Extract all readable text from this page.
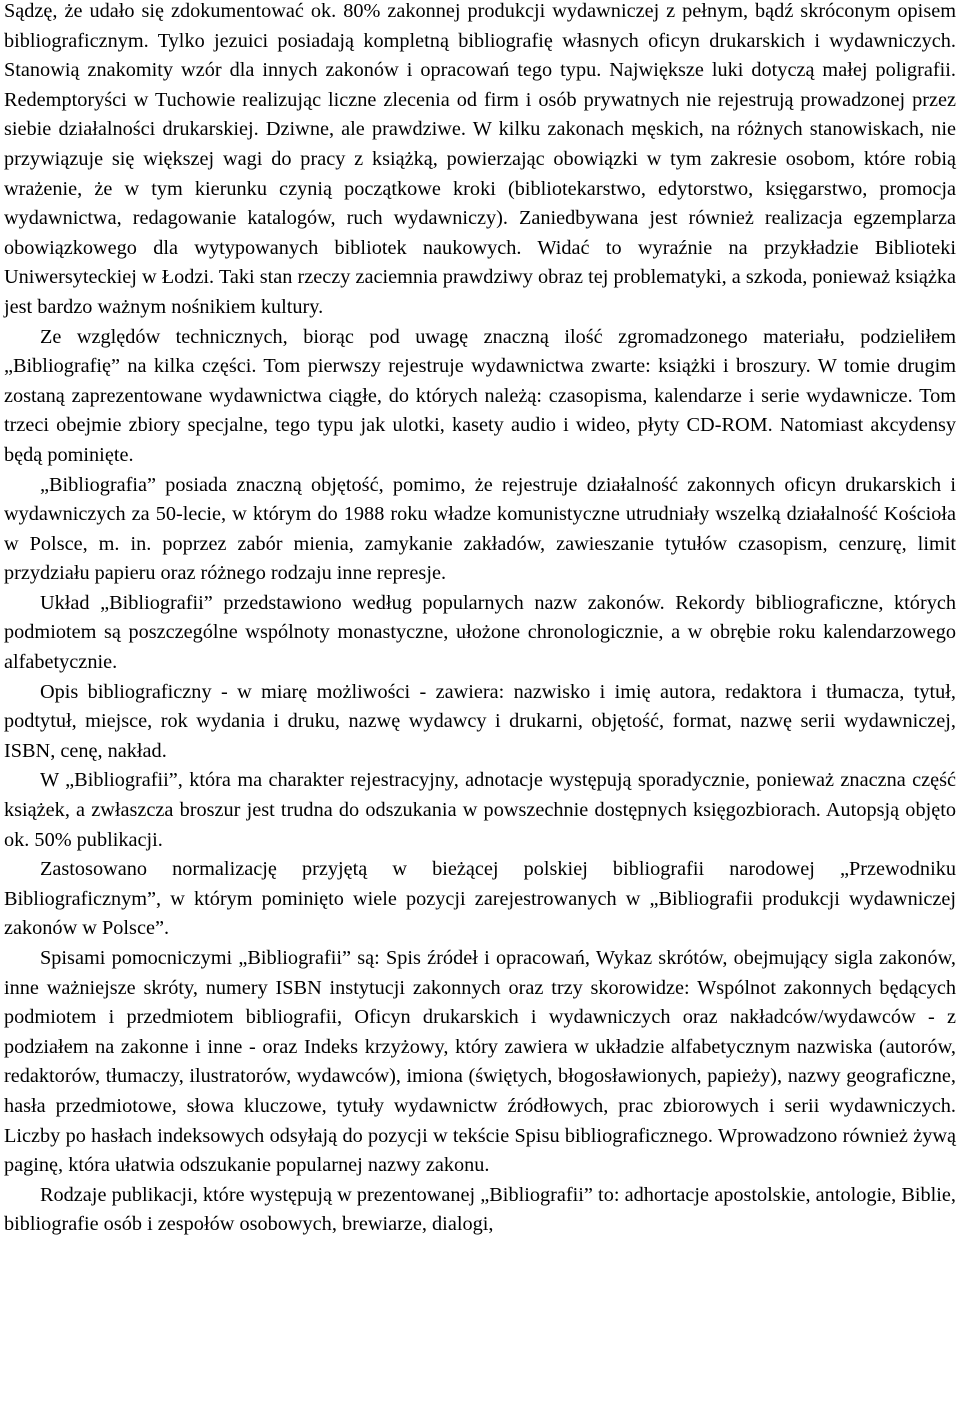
Sądzę, że udało się zdokumentować ok. 80% zakonnej produkcji wydawniczej z pełnym, bądź skróconym opisem bibliograficznym. Tylko jezuici posiadają kompletną bibliografię własnych oficyn drukarskich i wydawniczych. Stanowią znakomity wzór dla innych zakonów i opracowań tego typu. Największe luki dotyczą małej poligrafii. Redemptoryści w Tuchowie realizując liczne zlecenia od firm i osób prywatnych nie rejestrują prowadzonej przez siebie działalności drukarskiej. Dziwne, ale prawdziwe. W kilku zakonach męskich, na różnych stanowiskach, nie przywiązuje się większej wagi do pracy z książką, powierzając obowiązki w tym zakresie osobom, które robią wrażenie, że w tym kierunku czynią początkowe kroki (bibliotekarstwo, edytorstwo, księgarstwo, promocja wydawnictwa, redagowanie katalogów, ruch wydawniczy). Zaniedbywana jest również realizacja egzemplarza obowiązkowego dla wytypowanych bibliotek naukowych. Widać to wyraźnie na przykładzie Biblioteki Uniwersyteckiej w Łodzi. Taki stan rzeczy zaciemnia prawdziwy obraz tej problematyki, a szkoda, ponieważ książka jest bardzo ważnym nośnikiem kultury.

Ze względów technicznych, biorąc pod uwagę znaczną ilość zgromadzonego materiału, podzieliłem „Bibliografię” na kilka części. Tom pierwszy rejestruje wydawnictwa zwarte: książki i broszury. W tomie drugim zostaną zaprezentowane wydawnictwa ciągłe, do których należą: czasopisma, kalendarze i serie wydawnicze. Tom trzeci obejmie zbiory specjalne, tego typu jak ulotki, kasety audio i wideo, płyty CD-ROM. Natomiast akcydensy będą pominięte.

„Bibliografia” posiada znaczną objętość, pomimo, że rejestruje działalność zakonnych oficyn drukarskich i wydawniczych za 50-lecie, w którym do 1988 roku władze komunistyczne utrudniały wszelką działalność Kościoła w Polsce, m. in. poprzez zabór mienia, zamykanie zakładów, zawieszanie tytułów czasopism, cenzurę, limit przydziału papieru oraz różnego rodzaju inne represje.

Układ „Bibliografii” przedstawiono według popularnych nazw zakonów. Rekordy bibliograficzne, których podmiotem są poszczególne wspólnoty monastyczne, ułożone chronologicznie, a w obrębie roku kalendarzowego alfabetycznie.

Opis bibliograficzny - w miarę możliwości - zawiera: nazwisko i imię autora, redaktora i tłumacza, tytuł, podtytuł, miejsce, rok wydania i druku, nazwę wydawcy i drukarni, objętość, format, nazwę serii wydawniczej, ISBN, cenę, nakład.

W „Bibliografii”, która ma charakter rejestracyjny, adnotacje występują sporadycznie, ponieważ znaczna część książek, a zwłaszcza broszur jest trudna do odszukania w powszechnie dostępnych księgozbiorach. Autopsją objęto ok. 50% publikacji.

Zastosowano normalizację przyjętą w bieżącej polskiej bibliografii narodowej „Przewodniku Bibliograficznym”, w którym pominięto wiele pozycji zarejestrowanych w „Bibliografii produkcji wydawniczej zakonów w Polsce”.

Spisami pomocniczymi „Bibliografii” są: Spis źródeł i opracowań, Wykaz skrótów, obejmujący sigla zakonów, inne ważniejsze skróty, numery ISBN instytucji zakonnych oraz trzy skorowidze: Wspólnot zakonnych będących podmiotem i przedmiotem bibliografii, Oficyn drukarskich i wydawniczych oraz nakładców/wydawców - z podziałem na zakonne i inne - oraz Indeks krzyżowy, który zawiera w układzie alfabetycznym nazwiska (autorów, redaktorów, tłumaczy, ilustratorów, wydawców), imiona (świętych, błogosławionych, papieży), nazwy geograficzne, hasła przedmiotowe, słowa kluczowe, tytuły wydawnictw źródłowych, prac zbiorowych i serii wydawniczych. Liczby po hasłach indeksowych odsyłają do pozycji w tekście Spisu bibliograficznego. Wprowadzono również żywą paginę, która ułatwia odszukanie popularnej nazwy zakonu.

Rodzaje publikacji, które występują w prezentowanej „Bibliografii” to: adhortacje apostolskie, antologie, Biblie, bibliografie osób i zespołów osobowych, brewiarze, dialogi,
